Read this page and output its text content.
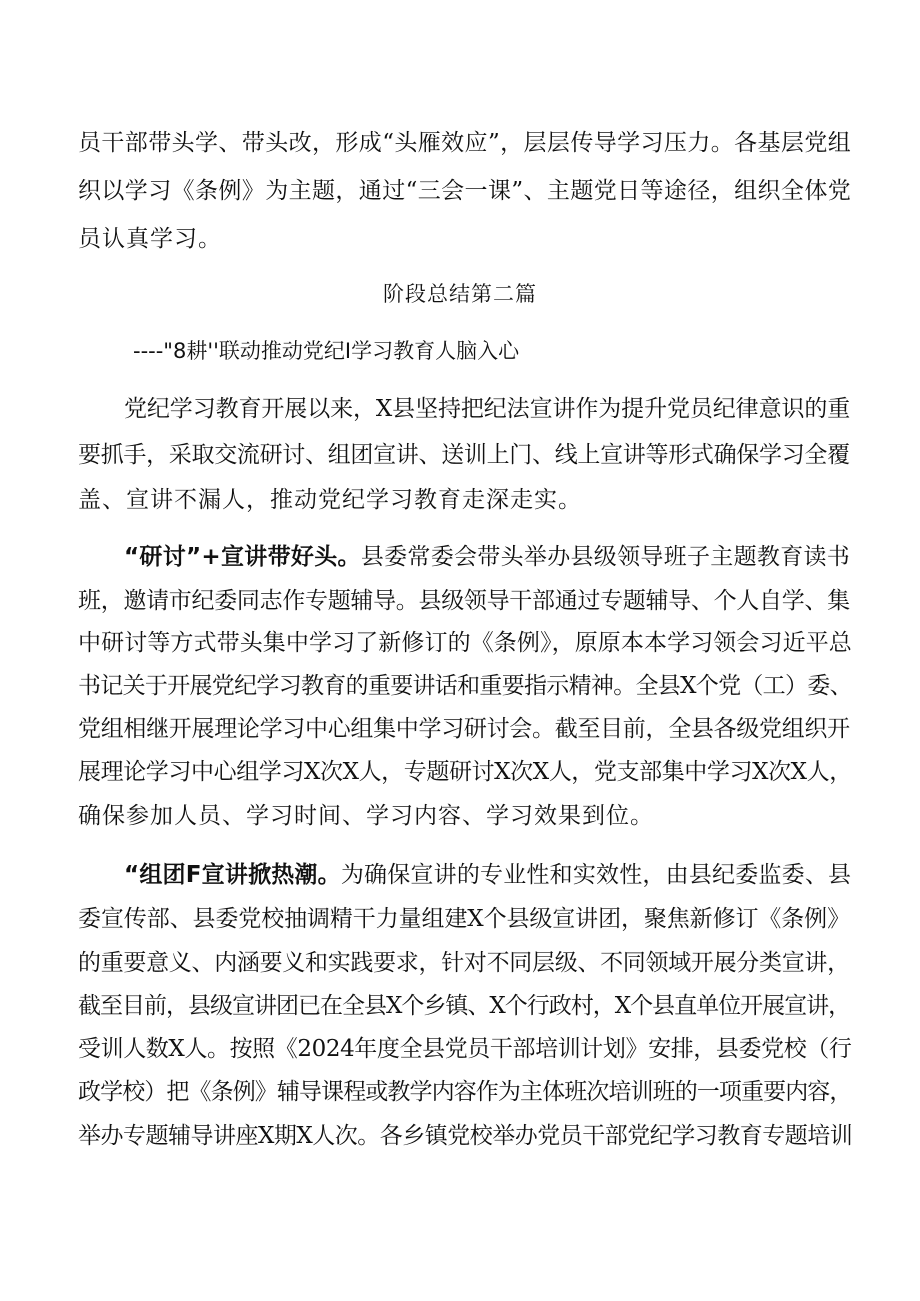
员干部带头学、带头改，形成“头雁效应”，层层传导学习压力。各基层党组
织以学习《条例》为主题，通过“三会一课”、主题党日等途径，组织全体党
员认真学习。
阶段总结第二篇
----"8耕''联动推动党纪I学习教育人脑入心
党纪学习教育开展以来，X县坚持把纪法宣讲作为提升党员纪律意识的重
要抓手，采取交流研讨、组团宣讲、送训上门、线上宣讲等形式确保学习全覆
盖、宣讲不漏人，推动党纪学习教育走深走实。
“研讨”+宣讲带好头。县委常委会带头举办县级领导班子主题教育读书
班，邀请市纪委同志作专题辅导。县级领导干部通过专题辅导、个人自学、集
中研讨等方式带头集中学习了新修订的《条例》，原原本本学习领会习近平总
书记关于开展党纪学习教育的重要讲话和重要指示精神。全县X个党（工）委、
党组相继开展理论学习中心组集中学习研讨会。截至目前，全县各级党组织开
展理论学习中心组学习X次X人，专题研讨X次X人，党支部集中学习X次X人，
确保参加人员、学习时间、学习内容、学习效果到位。
“组团F宣讲掀热潮。为确保宣讲的专业性和实效性，由县纪委监委、县
委宣传部、县委党校抽调精干力量组建X个县级宣讲团，聚焦新修订《条例》
的重要意义、内涵要义和实践要求，针对不同层级、不同领域开展分类宣讲，
截至目前，县级宣讲团已在全县X个乡镇、X个行政村，X个县直单位开展宣讲，
受训人数X人。按照《2024年度全县党员干部培训计划》安排，县委党校（行
政学校）把《条例》辅导课程或教学内容作为主体班次培训班的一项重要内容，
举办专题辅导讲座X期X人次。各乡镇党校举办党员干部党纪学习教育专题培训
